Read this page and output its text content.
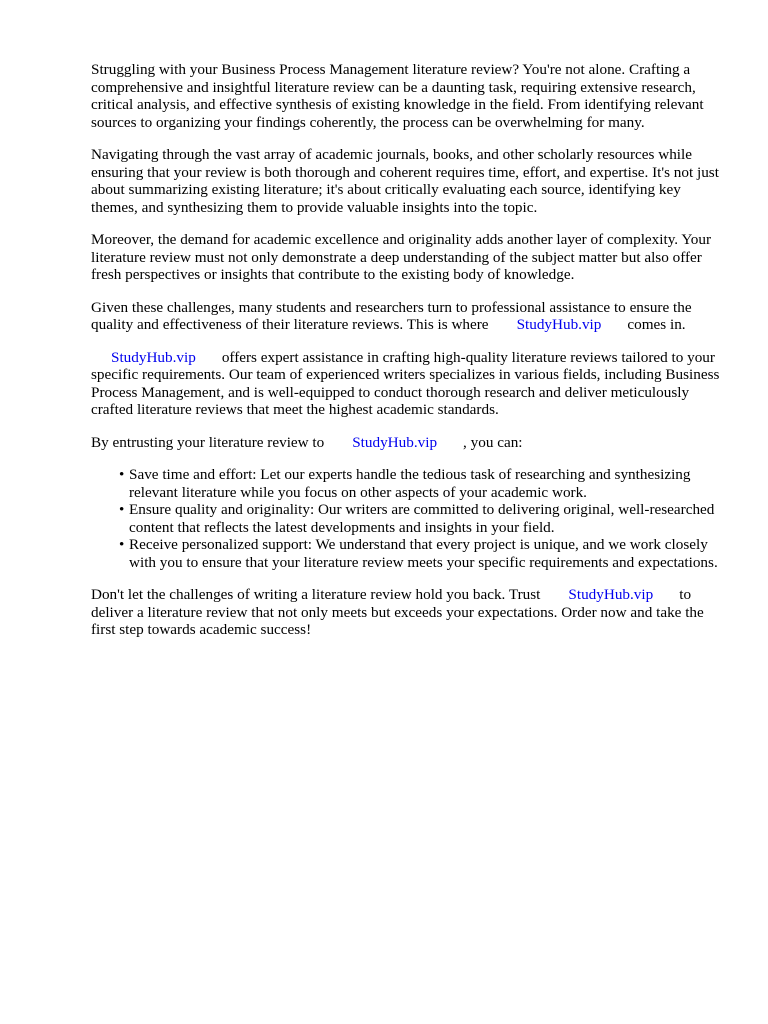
Struggling with your Business Process Management literature review? You're not alone. Crafting a comprehensive and insightful literature review can be a daunting task, requiring extensive research, critical analysis, and effective synthesis of existing knowledge in the field. From identifying relevant sources to organizing your findings coherently, the process can be overwhelming for many.

Navigating through the vast array of academic journals, books, and other scholarly resources while ensuring that your review is both thorough and coherent requires time, effort, and expertise. It's not just about summarizing existing literature; it's about critically evaluating each source, identifying key themes, and synthesizing them to provide valuable insights into the topic.

Moreover, the demand for academic excellence and originality adds another layer of complexity. Your literature review must not only demonstrate a deep understanding of the subject matter but also offer fresh perspectives or insights that contribute to the existing body of knowledge.

Given these challenges, many students and researchers turn to professional assistance to ensure the quality and effectiveness of their literature reviews. This is where StudyHub.vip comes in.

StudyHub.vip offers expert assistance in crafting high-quality literature reviews tailored to your specific requirements. Our team of experienced writers specializes in various fields, including Business Process Management, and is well-equipped to conduct thorough research and deliver meticulously crafted literature reviews that meet the highest academic standards.

By entrusting your literature review to StudyHub.vip , you can:

• Save time and effort: Let our experts handle the tedious task of researching and synthesizing relevant literature while you focus on other aspects of your academic work.
• Ensure quality and originality: Our writers are committed to delivering original, well-researched content that reflects the latest developments and insights in your field.
• Receive personalized support: We understand that every project is unique, and we work closely with you to ensure that your literature review meets your specific requirements and expectations.

Don't let the challenges of writing a literature review hold you back. Trust StudyHub.vip to deliver a literature review that not only meets but exceeds your expectations. Order now and take the first step towards academic success!
